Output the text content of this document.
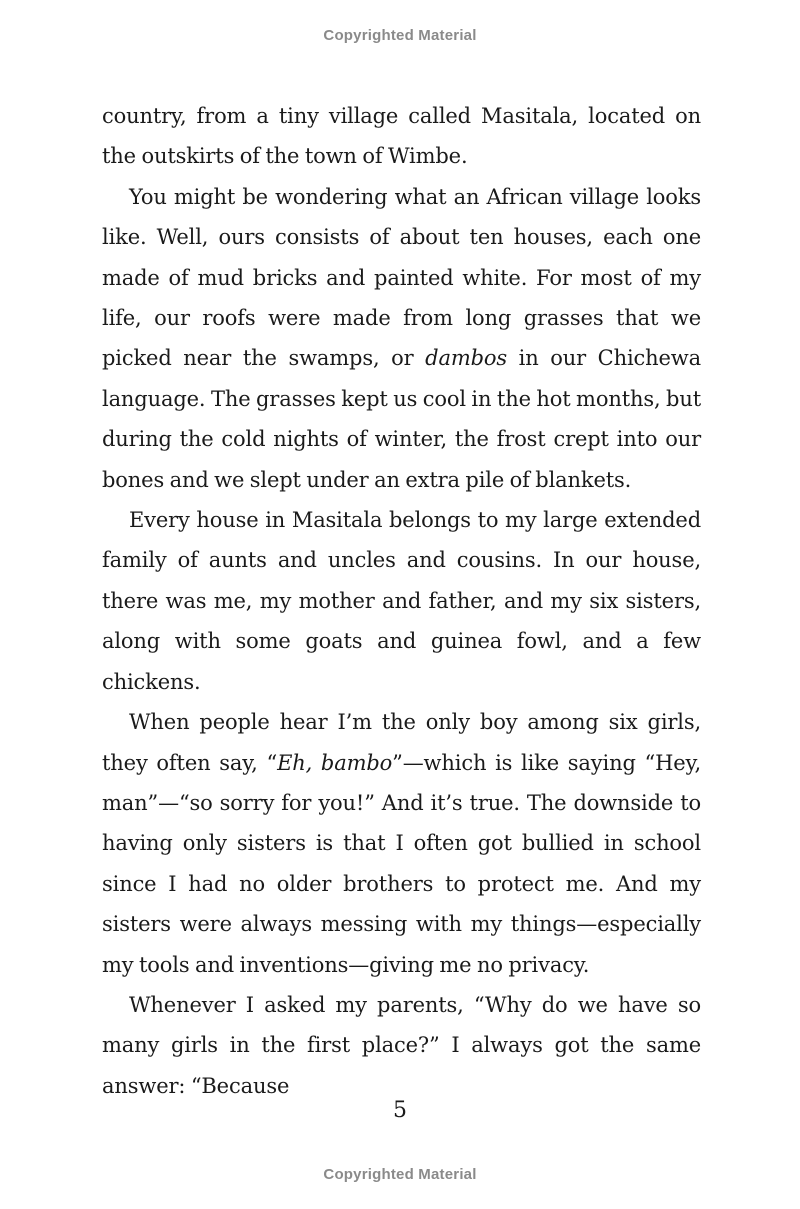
Copyrighted Material

country, from a tiny village called Masitala, located on the outskirts of the town of Wimbe.

You might be wondering what an African village looks like. Well, ours consists of about ten houses, each one made of mud bricks and painted white. For most of my life, our roofs were made from long grasses that we picked near the swamps, or dambos in our Chichewa language. The grasses kept us cool in the hot months, but during the cold nights of winter, the frost crept into our bones and we slept under an extra pile of blankets.

Every house in Masitala belongs to my large extended family of aunts and uncles and cousins. In our house, there was me, my mother and father, and my six sisters, along with some goats and guinea fowl, and a few chickens.

When people hear I’m the only boy among six girls, they often say, “Eh, bambo”—which is like saying “Hey, man”—“so sorry for you!” And it’s true. The downside to having only sisters is that I often got bullied in school since I had no older brothers to protect me. And my sisters were always messing with my things—especially my tools and inventions—giving me no privacy.

Whenever I asked my parents, “Why do we have so many girls in the first place?” I always got the same answer: “Because

5
Copyrighted Material
